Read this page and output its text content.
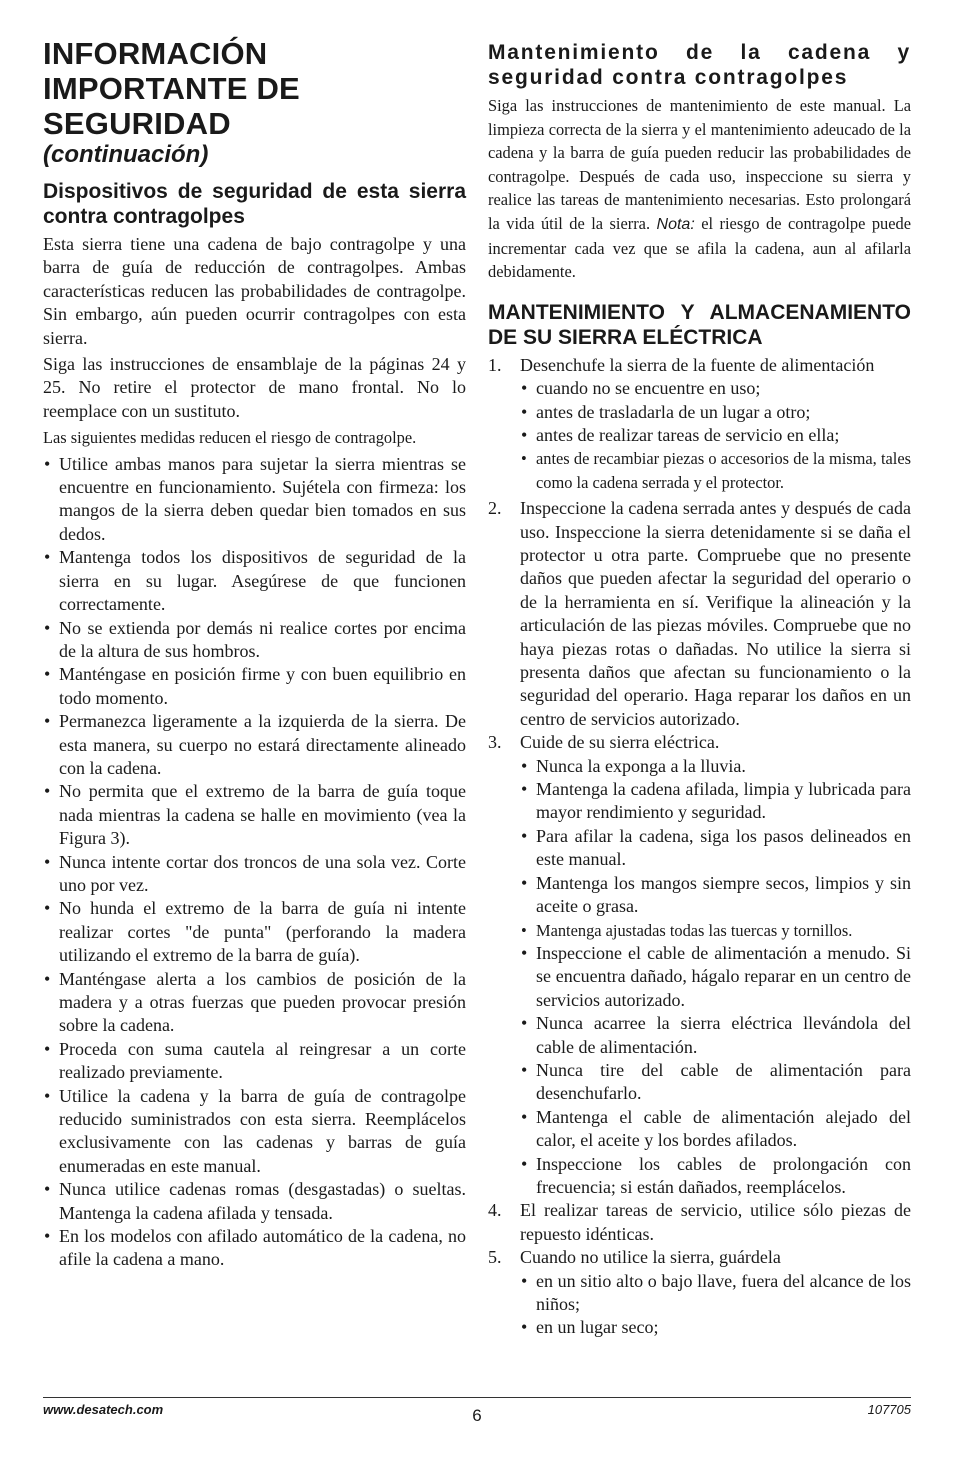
INFORMACIÓN
IMPORTANTE DE
SEGURIDAD
(continuación)
Dispositivos de seguridad de esta sierra contra contragolpes

Esta sierra tiene una cadena de bajo contragolpe y una barra de guía de reducción de contragolpes. Ambas características reducen las probabilidades de contragolpe. Sin embargo, aún pueden ocurrir contragolpes con esta sierra.

Siga las instrucciones de ensamblaje de la páginas 24 y 25. No retire el protector de mano frontal. No lo reemplace con un sustituto.

Las siguientes medidas reducen el riesgo de contragolpe.

• Utilice ambas manos para sujetar la sierra mientras se encuentre en funcionamiento. Sujétela con firmeza: los mangos de la sierra deben quedar bien tomados en sus dedos.
• Mantenga todos los dispositivos de seguridad de la sierra en su lugar. Asegúrese de que funcionen correctamente.
• No se extienda por demás ni realice cortes por encima de la altura de sus hombros.
• Manténgase en posición firme y con buen equilibrio en todo momento.
• Permanezca ligeramente a la izquierda de la sierra. De esta manera, su cuerpo no estará directamente alineado con la cadena.
• No permita que el extremo de la barra de guía toque nada mientras la cadena se halle en movimiento (vea la Figura 3).
• Nunca intente cortar dos troncos de una sola vez. Corte uno por vez.
• No hunda el extremo de la barra de guía ni intente realizar cortes "de punta" (perforando la madera utilizando el extremo de la barra de guía).
• Manténgase alerta a los cambios de posición de la madera y a otras fuerzas que pueden provocar presión sobre la cadena.
• Proceda con suma cautela al reingresar a un corte realizado previamente.
• Utilice la cadena y la barra de guía de contragolpe reducido suministrados con esta sierra. Reemplácelos exclusivamente con las cadenas y barras de guía enumeradas en este manual.
• Nunca utilice cadenas romas (desgastadas) o sueltas. Mantenga la cadena afilada y tensada.
• En los modelos con afilado automático de la cadena, no afile la cadena a mano.
Mantenimiento de la cadena y seguridad contra contragolpes

Siga las instrucciones de mantenimiento de este manual. La limpieza correcta de la sierra y el mantenimiento adeucado de la cadena y la barra de guía pueden reducir las probabilidades de contragolpe. Después de cada uso, inspeccione su sierra y realice las tareas de mantenimiento necesarias. Esto prolongará la vida útil de la sierra. Nota: el riesgo de contragolpe puede incrementar cada vez que se afila la cadena, aun al afilarla debidamente.

MANTENIMIENTO Y ALMACENAMIENTO DE SU SIERRA ELÉCTRICA
1. Desenchufe la sierra de la fuente de alimentación
• cuando no se encuentre en uso;
• antes de trasladarla de un lugar a otro;
• antes de realizar tareas de servicio en ella;
• antes de recambiar piezas o accesorios de la misma, tales como la cadena serrada y el protector.
2. Inspeccione la cadena serrada antes y después de cada uso. Inspeccione la sierra detenidamente si se daña el protector u otra parte. Compruebe que no presente daños que pueden afectar la seguridad del operario o de la herramienta en sí. Verifique la alineación y la articulación de las piezas móviles. Compruebe que no haya piezas rotas o dañadas. No utilice la sierra si presenta daños que afectan su funcionamiento o la seguridad del operario. Haga reparar los daños en un centro de servicios autorizado.
3. Cuide de su sierra eléctrica.
• Nunca la exponga a la lluvia.
• Mantenga la cadena afilada, limpia y lubricada para mayor rendimiento y seguridad.
• Para afilar la cadena, siga los pasos delineados en este manual.
• Mantenga los mangos siempre secos, limpios y sin aceite o grasa.
• Mantenga ajustadas todas las tuercas y tornillos.
• Inspeccione el cable de alimentación a menudo. Si se encuentra dañado, hágalo reparar en un centro de servicios autorizado.
• Nunca acarree la sierra eléctrica llevándola del cable de alimentación.
• Nunca tire del cable de alimentación para desenchufarlo.
• Mantenga el cable de alimentación alejado del calor, el aceite y los bordes afilados.
• Inspeccione los cables de prolongación con frecuencia; si están dañados, reemplácelos.
4. El realizar tareas de servicio, utilice sólo piezas de repuesto idénticas.
5. Cuando no utilice la sierra, guárdela
• en un sitio alto o bajo llave, fuera del alcance de los niños;
• en un lugar seco;
www.desatech.com	6	107705
